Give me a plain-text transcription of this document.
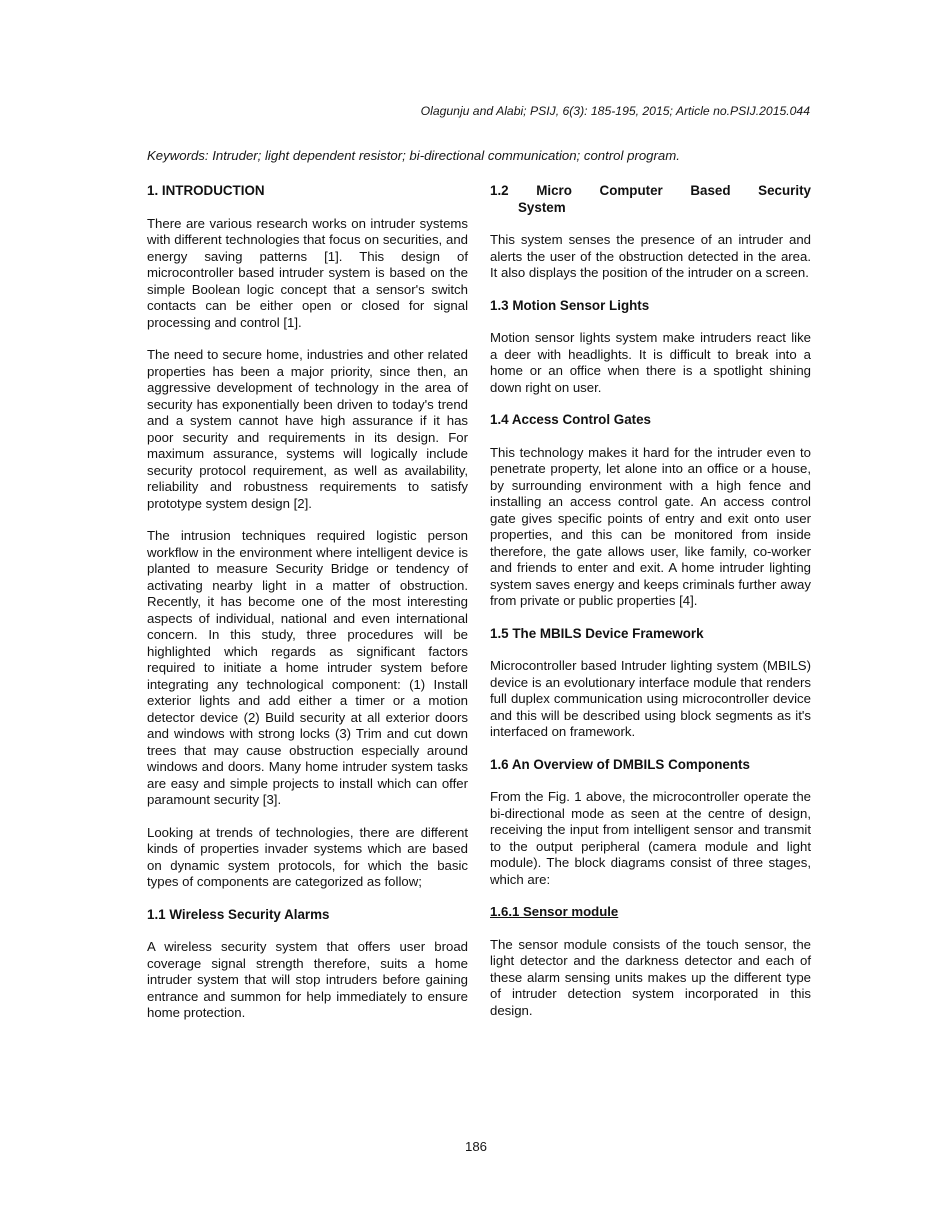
Olagunju and Alabi; PSIJ, 6(3): 185-195, 2015; Article no.PSIJ.2015.044
Keywords: Intruder; light dependent resistor; bi-directional communication; control program.
1. INTRODUCTION

There are various research works on intruder systems with different technologies that focus on securities, and energy saving patterns [1]. This design of microcontroller based intruder system is based on the simple Boolean logic concept that a sensor's switch contacts can be either open or closed for signal processing and control [1].

The need to secure home, industries and other related properties has been a major priority, since then, an aggressive development of technology in the area of security has exponentially been driven to today's trend and a system cannot have high assurance if it has poor security and requirements in its design. For maximum assurance, systems will logically include security protocol requirement, as well as availability, reliability and robustness requirements to satisfy prototype system design [2].

The intrusion techniques required logistic person workflow in the environment where intelligent device is planted to measure Security Bridge or tendency of activating nearby light in a matter of obstruction. Recently, it has become one of the most interesting aspects of individual, national and even international concern. In this study, three procedures will be highlighted which regards as significant factors required to initiate a home intruder system before integrating any technological component: (1) Install exterior lights and add either a timer or a motion detector device (2) Build security at all exterior doors and windows with strong locks (3) Trim and cut down trees that may cause obstruction especially around windows and doors. Many home intruder system tasks are easy and simple projects to install which can offer paramount security [3].

Looking at trends of technologies, there are different kinds of properties invader systems which are based on dynamic system protocols, for which the basic types of components are categorized as follow;

1.1 Wireless Security Alarms

A wireless security system that offers user broad coverage signal strength therefore, suits a home intruder system that will stop intruders before gaining entrance and summon for help immediately to ensure home protection.

1.2 Micro Computer Based Security
System

This system senses the presence of an intruder and alerts the user of the obstruction detected in the area. It also displays the position of the intruder on a screen.

1.3 Motion Sensor Lights

Motion sensor lights system make intruders react like a deer with headlights. It is difficult to break into a home or an office when there is a spotlight shining down right on user.

1.4 Access Control Gates

This technology makes it hard for the intruder even to penetrate property, let alone into an office or a house, by surrounding environment with a high fence and installing an access control gate. An access control gate gives specific points of entry and exit onto user properties, and this can be monitored from inside therefore, the gate allows user, like family, co-worker and friends to enter and exit. A home intruder lighting system saves energy and keeps criminals further away from private or public properties [4].

1.5 The MBILS Device Framework

Microcontroller based Intruder lighting system (MBILS) device is an evolutionary interface module that renders full duplex communication using microcontroller device and this will be described using block segments as it's interfaced on framework.

1.6 An Overview of DMBILS Components

From the Fig. 1 above, the microcontroller operate the bi-directional mode as seen at the centre of design, receiving the input from intelligent sensor and transmit to the output peripheral (camera module and light module). The block diagrams consist of three stages, which are:

1.6.1 Sensor module

The sensor module consists of the touch sensor, the light detector and the darkness detector and each of these alarm sensing units makes up the different type of intruder detection system incorporated in this design.

186
